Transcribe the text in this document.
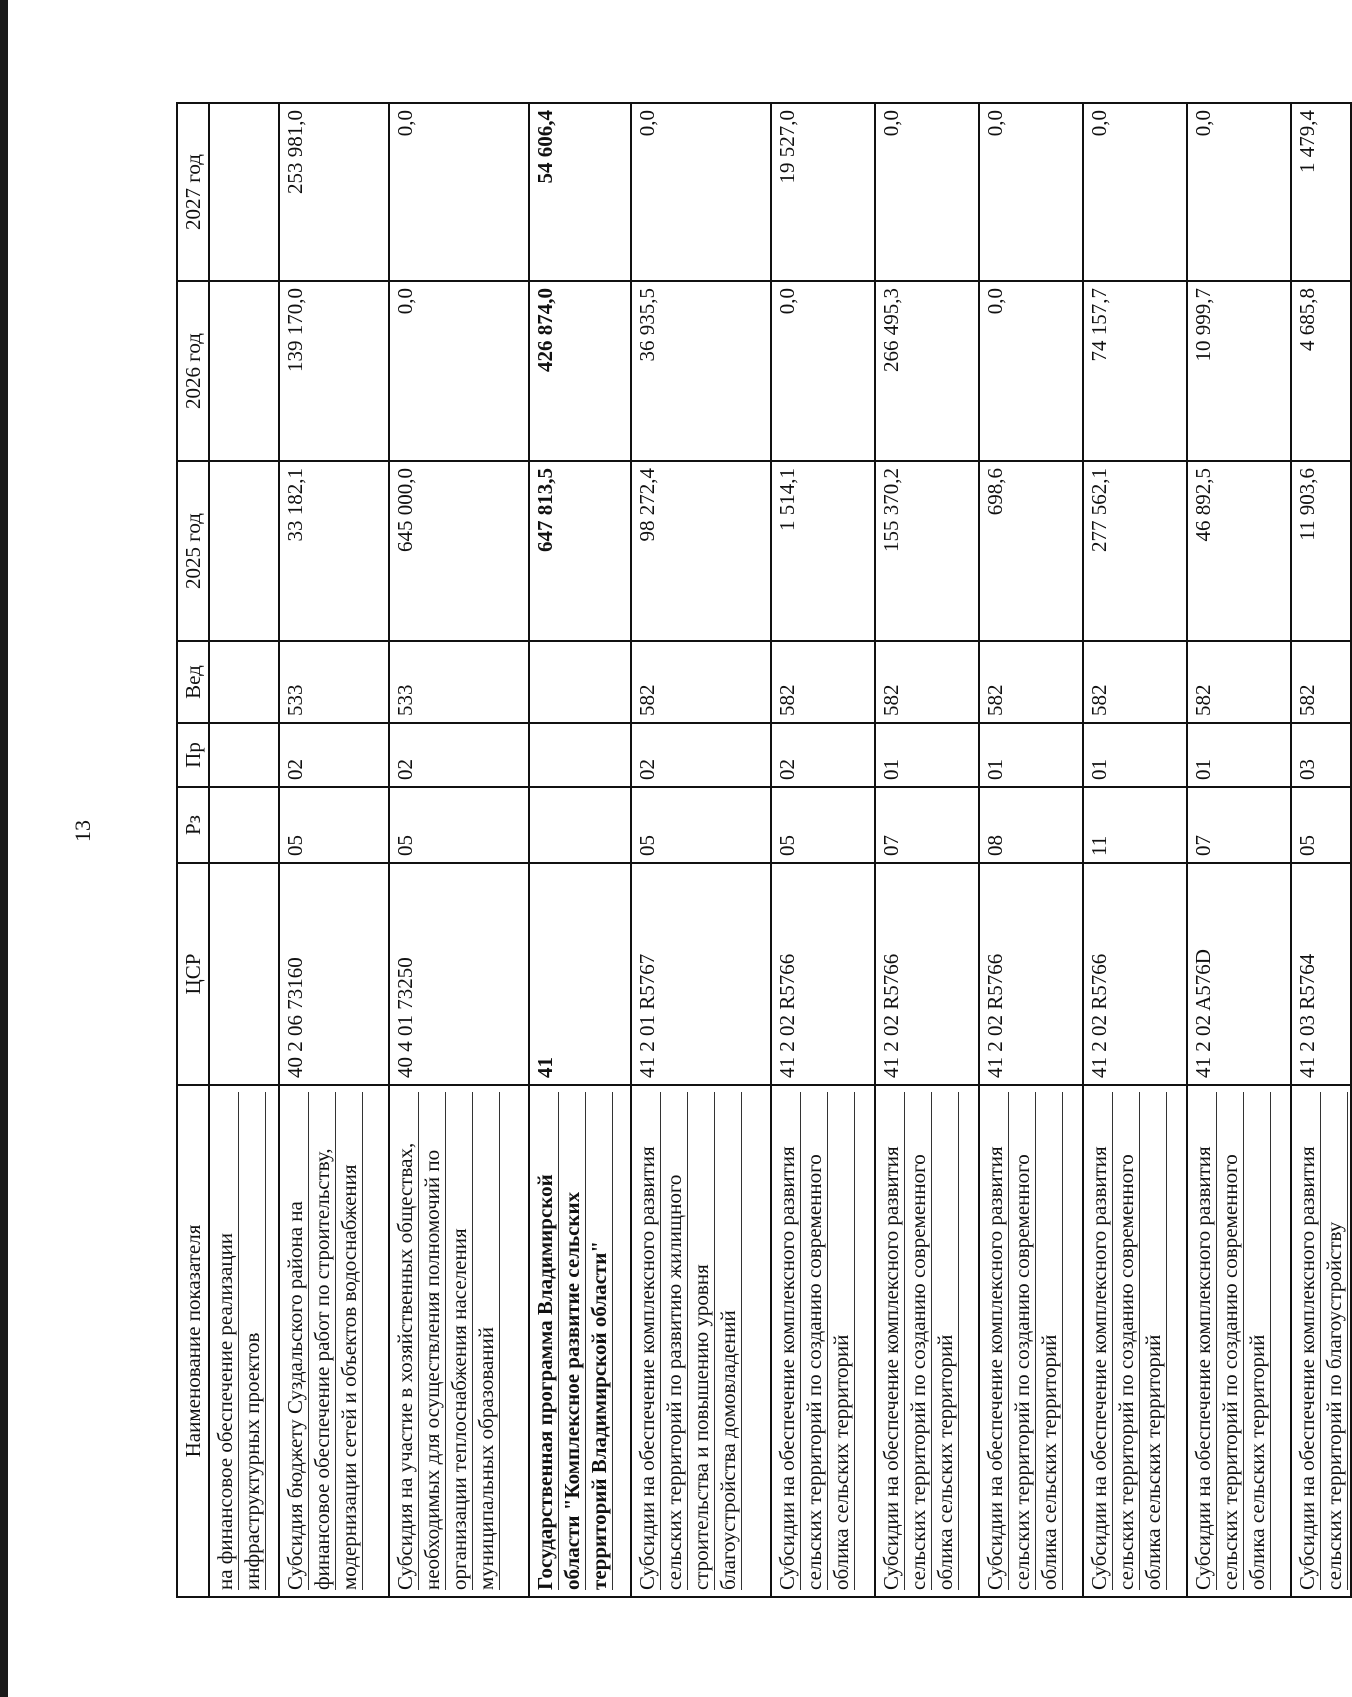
13
Наименование показателя	ЦСР	Рз	Пр	Вед	2025 год	2026 год	2027 год

на финансовое обеспечение реализации инфраструктурных проектов							

Субсидия бюджету Суздальского района на финансовое обеспечение работ по строительству, модернизации сетей и объектов водоснабжения	40 2 06 73160	05	02	533	33 182,1	139 170,0	253 981,0

Субсидия на участие в хозяйственных обществах, необходимых для осуществления полномочий по организации теплоснабжения населения муниципальных образований	40 4 01 73250	05	02	533	645 000,0	0,0	0,0

Государственная программа Владимирской области "Комплексное развитие сельских территорий Владимирской области"	41				647 813,5	426 874,0	54 606,4

Субсидии на обеспечение комплексного развития сельских территорий по развитию жилищного строительства и повышению уровня благоустройства домовладений	41 2 01 R5767	05	02	582	98 272,4	36 935,5	0,0

Субсидии на обеспечение комплексного развития сельских территорий по созданию современного облика сельских территорий	41 2 02 R5766	05	02	582	1 514,1	0,0	19 527,0

Субсидии на обеспечение комплексного развития сельских территорий по созданию современного облика сельских территорий	41 2 02 R5766	07	01	582	155 370,2	266 495,3	0,0

Субсидии на обеспечение комплексного развития сельских территорий по созданию современного облика сельских территорий	41 2 02 R5766	08	01	582	698,6	0,0	0,0

Субсидии на обеспечение комплексного развития сельских территорий по созданию современного облика сельских территорий	41 2 02 R5766	11	01	582	277 562,1	74 157,7	0,0

Субсидии на обеспечение комплексного развития сельских территорий по созданию современного облика сельских территорий	41 2 02 A576D	07	01	582	46 892,5	10 999,7	0,0

Субсидии на обеспечение комплексного развития сельских территорий по благоустройству	41 2 03 R5764	05	03	582	11 903,6	4 685,8	1 479,4
